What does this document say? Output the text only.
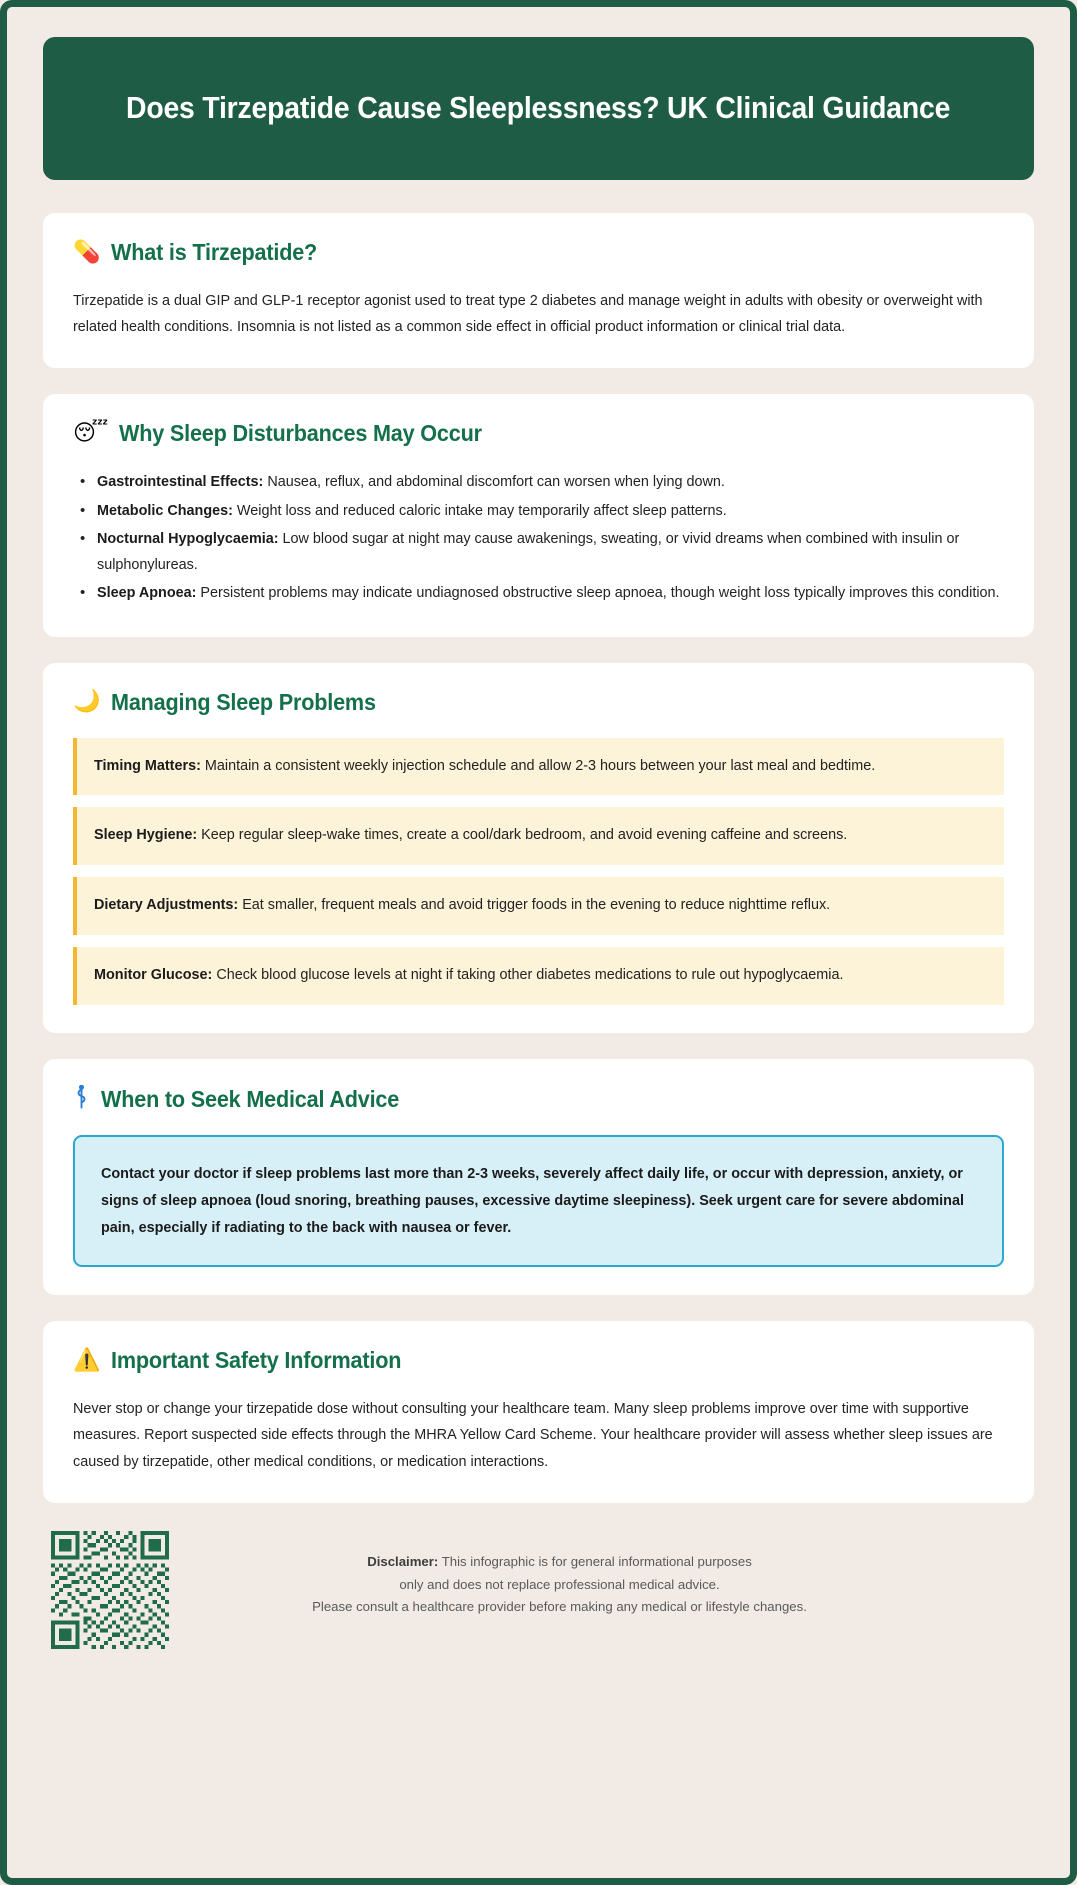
Does Tirzepatide Cause Sleeplessness? UK Clinical Guidance
💊 What is Tirzepatide?

Tirzepatide is a dual GIP and GLP-1 receptor agonist used to treat type 2 diabetes and manage weight in adults with obesity or overweight with related health conditions. Insomnia is not listed as a common side effect in official product information or clinical trial data.

😴 Why Sleep Disturbances May Occur
• Gastrointestinal Effects: Nausea, reflux, and abdominal discomfort can worsen when lying down.
• Metabolic Changes: Weight loss and reduced caloric intake may temporarily affect sleep patterns.
• Nocturnal Hypoglycaemia: Low blood sugar at night may cause awakenings, sweating, or vivid dreams when combined with insulin or sulphonylureas.
• Sleep Apnoea: Persistent problems may indicate undiagnosed obstructive sleep apnoea, though weight loss typically improves this condition.
🌙 Managing Sleep Problems
Timing Matters: Maintain a consistent weekly injection schedule and allow 2-3 hours between your last meal and bedtime.
Sleep Hygiene: Keep regular sleep-wake times, create a cool/dark bedroom, and avoid evening caffeine and screens.
Dietary Adjustments: Eat smaller, frequent meals and avoid trigger foods in the evening to reduce nighttime reflux.
Monitor Glucose: Check blood glucose levels at night if taking other diabetes medications to rule out hypoglycaemia.
When to Seek Medical Advice
Contact your doctor if sleep problems last more than 2-3 weeks, severely affect daily life, or occur with depression, anxiety, or signs of sleep apnoea (loud snoring, breathing pauses, excessive daytime sleepiness). Seek urgent care for severe abdominal pain, especially if radiating to the back with nausea or fever.
⚠️ Important Safety Information

Never stop or change your tirzepatide dose without consulting your healthcare team. Many sleep problems improve over time with supportive measures. Report suspected side effects through the MHRA Yellow Card Scheme. Your healthcare provider will assess whether sleep issues are caused by tirzepatide, other medical conditions, or medication interactions.

Disclaimer: This infographic is for general informational purposes
only and does not replace professional medical advice.
Please consult a healthcare provider before making any medical or lifestyle changes.
